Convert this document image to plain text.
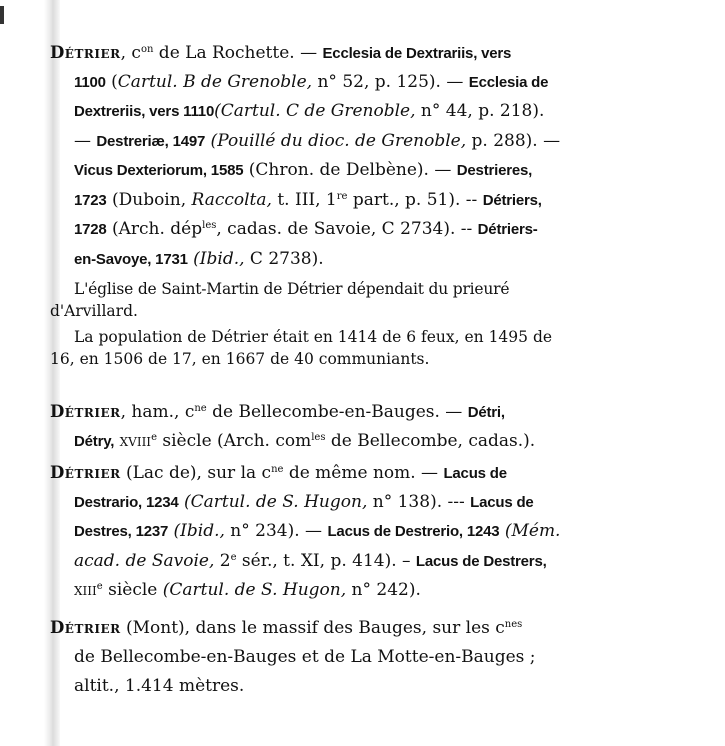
Détrier, $c^{on}$ de La Rochette. — Ecclesia de Dextrariis, vers
1100 (Cartul. B de Grenoble, n° 52, p. 125). — Ecclesia de
Dextreriis, vers 1110(Cartul. C de Grenoble, n° 44, p. 218).
— Destreriæ, 1497 (Pouillé du dioc. de Grenoble, p. 288). —
Vicus Dexteriorum, 1585 (Chron. de Delbène). — Destrieres,
1723 (Duboin, Raccolta, t. III, 1re part., p. 51). -- Détriers,
1728 (Arch. dép$^{les}$, cadas. de Savoie, C 2734). -- Détriers-
en-Savoye, 1731 (Ibid., C 2738).
L'église de Saint-Martin de Détrier dépendait du prieuré
d'Arvillard.
La population de Détrier était en 1414 de 6 feux, en 1495 de
16, en 1506 de 17, en 1667 de 40 communiants.
Détrier, ham., $c^{ne}$ de Bellecombe-en-Bauges. — Détri,
Détry, xviii$^e$ siècle (Arch. com$^{les}$ de Bellecombe, cadas.).
Détrier (Lac de), sur la $c^{ne}$ de même nom. — Lacus de
Destrario, 1234 (Cartul. de S. Hugon, n° 138). --- Lacus de
Destres, 1237 (Ibid., n° 234). — Lacus de Destrerio, 1243 (Mém.
acad. de Savoie, 2e sér., t. XI, p. 414). – Lacus de Destrers,
xiii$^e$ siècle (Cartul. de S. Hugon, n° 242).
Détrier (Mont), dans le massif des Bauges, sur les $c^{nes}$
de Bellecombe-en-Bauges et de La Motte-en-Bauges ;
altit., 1.414 mètres.
